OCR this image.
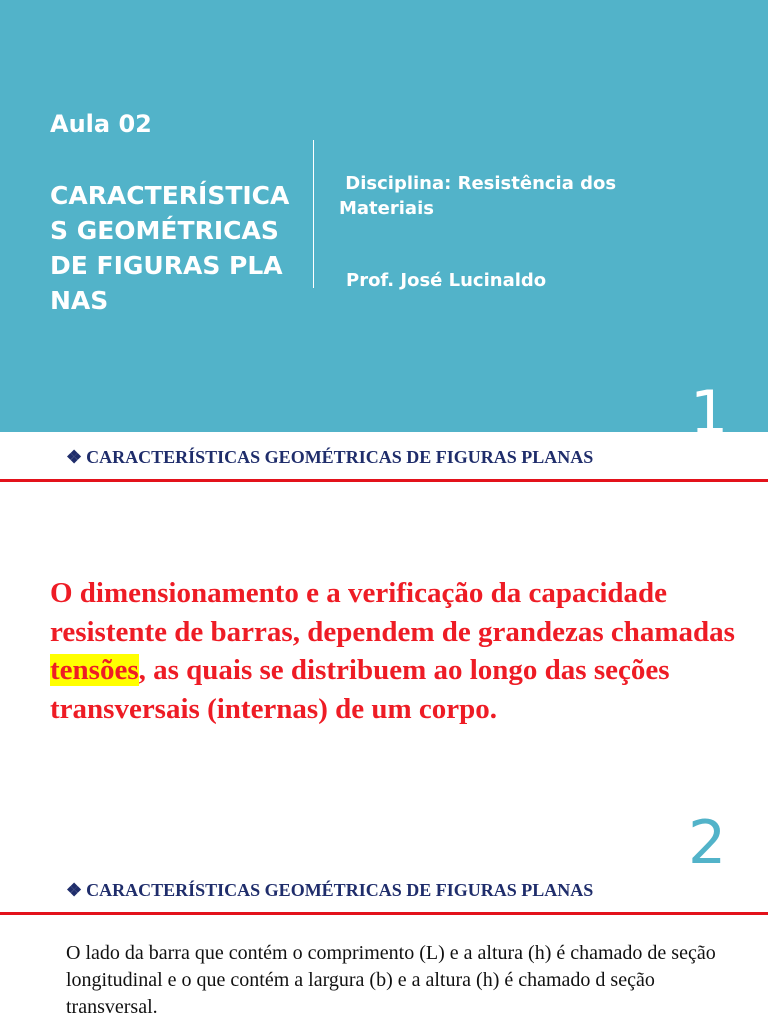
Aula 02
CARACTERÍSTICAS GEOMÉTRICAS DE FIGURAS PLANAS
Disciplina: Resistência dos
Materiais
Prof. José Lucinaldo
1
❖ CARACTERÍSTICAS GEOMÉTRICAS DE FIGURAS PLANAS
O dimensionamento e a verificação da capacidade resistente de barras, dependem de grandezas chamadas tensões, as quais se distribuem ao longo das seções transversais (internas) de um corpo.
2
❖ CARACTERÍSTICAS GEOMÉTRICAS DE FIGURAS PLANAS
O lado da barra que contém o comprimento (L) e a altura (h) é chamado de seção longitudinal e o que contém a largura (b) e a altura (h) é chamado d seção transversal.
